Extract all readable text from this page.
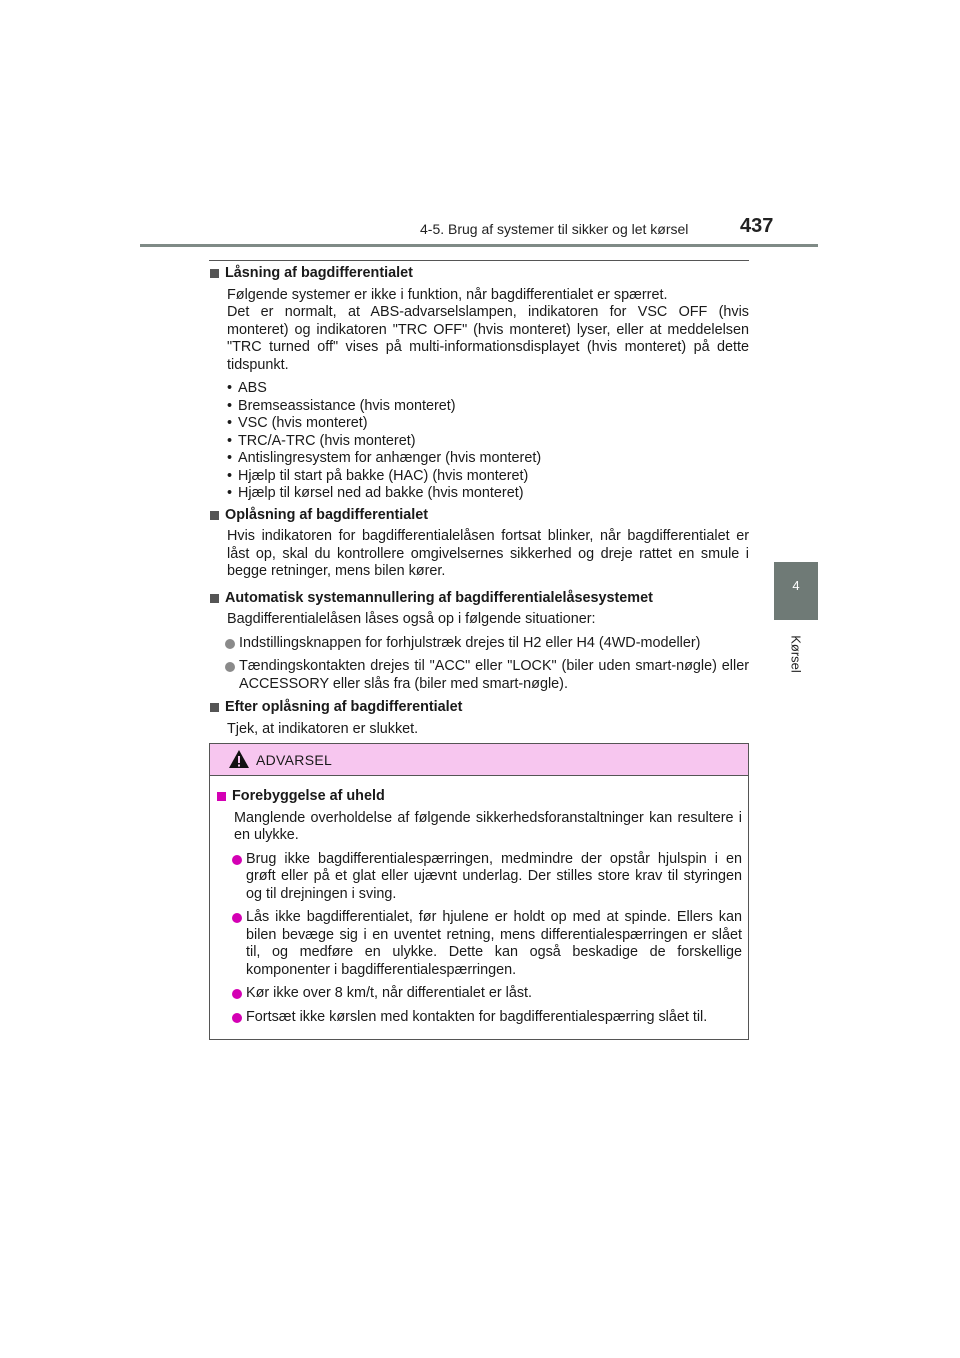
4-5. Brug af systemer til sikker og let kørsel	437
4
Kørsel
Låsning af bagdifferentialet

Følgende systemer er ikke i funktion, når bagdifferentialet er spærret.

Det er normalt, at ABS-advarselslampen, indikatoren for VSC OFF (hvis monteret) og indikatoren "TRC OFF" (hvis monteret) lyser, eller at meddelelsen "TRC turned off" vises på multi-informationsdisplayet (hvis monteret) på dette tidspunkt.

• ABS
• Bremseassistance (hvis monteret)
• VSC (hvis monteret)
• TRC/A-TRC (hvis monteret)
• Antislingresystem for anhænger (hvis monteret)
• Hjælp til start på bakke (HAC) (hvis monteret)
• Hjælp til kørsel ned ad bakke (hvis monteret)
Oplåsning af bagdifferentialet
Hvis indikatoren for bagdifferentialelåsen fortsat blinker, når bagdifferentialet er låst op, skal du kontrollere omgivelsernes sikkerhed og dreje rattet en smule i begge retninger, mens bilen kører.
Automatisk systemannullering af bagdifferentialelåsesystemet
Bagdifferentialelåsen låses også op i følgende situationer:
Indstillingsknappen for forhjulstræk drejes til H2 eller H4 (4WD-modeller)
Tændingskontakten drejes til "ACC" eller "LOCK" (biler uden smart-nøgle) eller ACCESSORY eller slås fra (biler med smart-nøgle).
Efter oplåsning af bagdifferentialet
Tjek, at indikatoren er slukket.
ADVARSEL
Forebyggelse af uheld
Manglende overholdelse af følgende sikkerhedsforanstaltninger kan resultere i en ulykke.
Brug ikke bagdifferentialespærringen, medmindre der opstår hjulspin i en grøft eller på et glat eller ujævnt underlag. Der stilles store krav til styringen og til drejningen i sving.
Lås ikke bagdifferentialet, før hjulene er holdt op med at spinde. Ellers kan bilen bevæge sig i en uventet retning, mens differentialespærringen er slået til, og medføre en ulykke. Dette kan også beskadige de forskellige komponenter i bagdifferentialespærringen.
Kør ikke over 8 km/t, når differentialet er låst.
Fortsæt ikke kørslen med kontakten for bagdifferentialespærring slået til.
